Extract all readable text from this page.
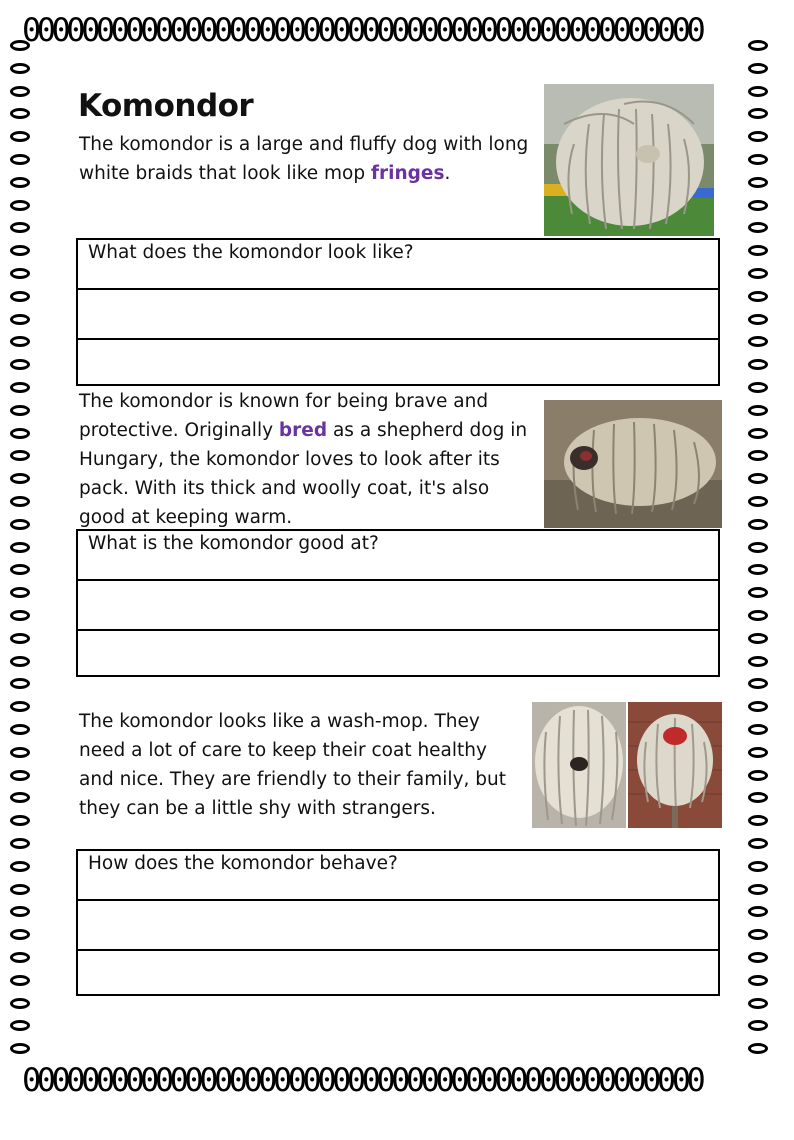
0000000000000000000000000000000000000000000000
0000000000000000000000000000000000000000000000
Komondor

The komondor is a large and fluffy dog with long white braids that look like mop fringes.

What does the komondor look like?

The komondor is known for being brave and protective. Originally bred as a shepherd dog in Hungary, the komondor loves to look after its pack. With its thick and woolly coat, it's also good at keeping warm.

What is the komondor good at?

The komondor looks like a wash-mop. They need a lot of care to keep their coat healthy and nice. They are friendly to their family, but they can be a little shy with strangers.

How does the komondor behave?
